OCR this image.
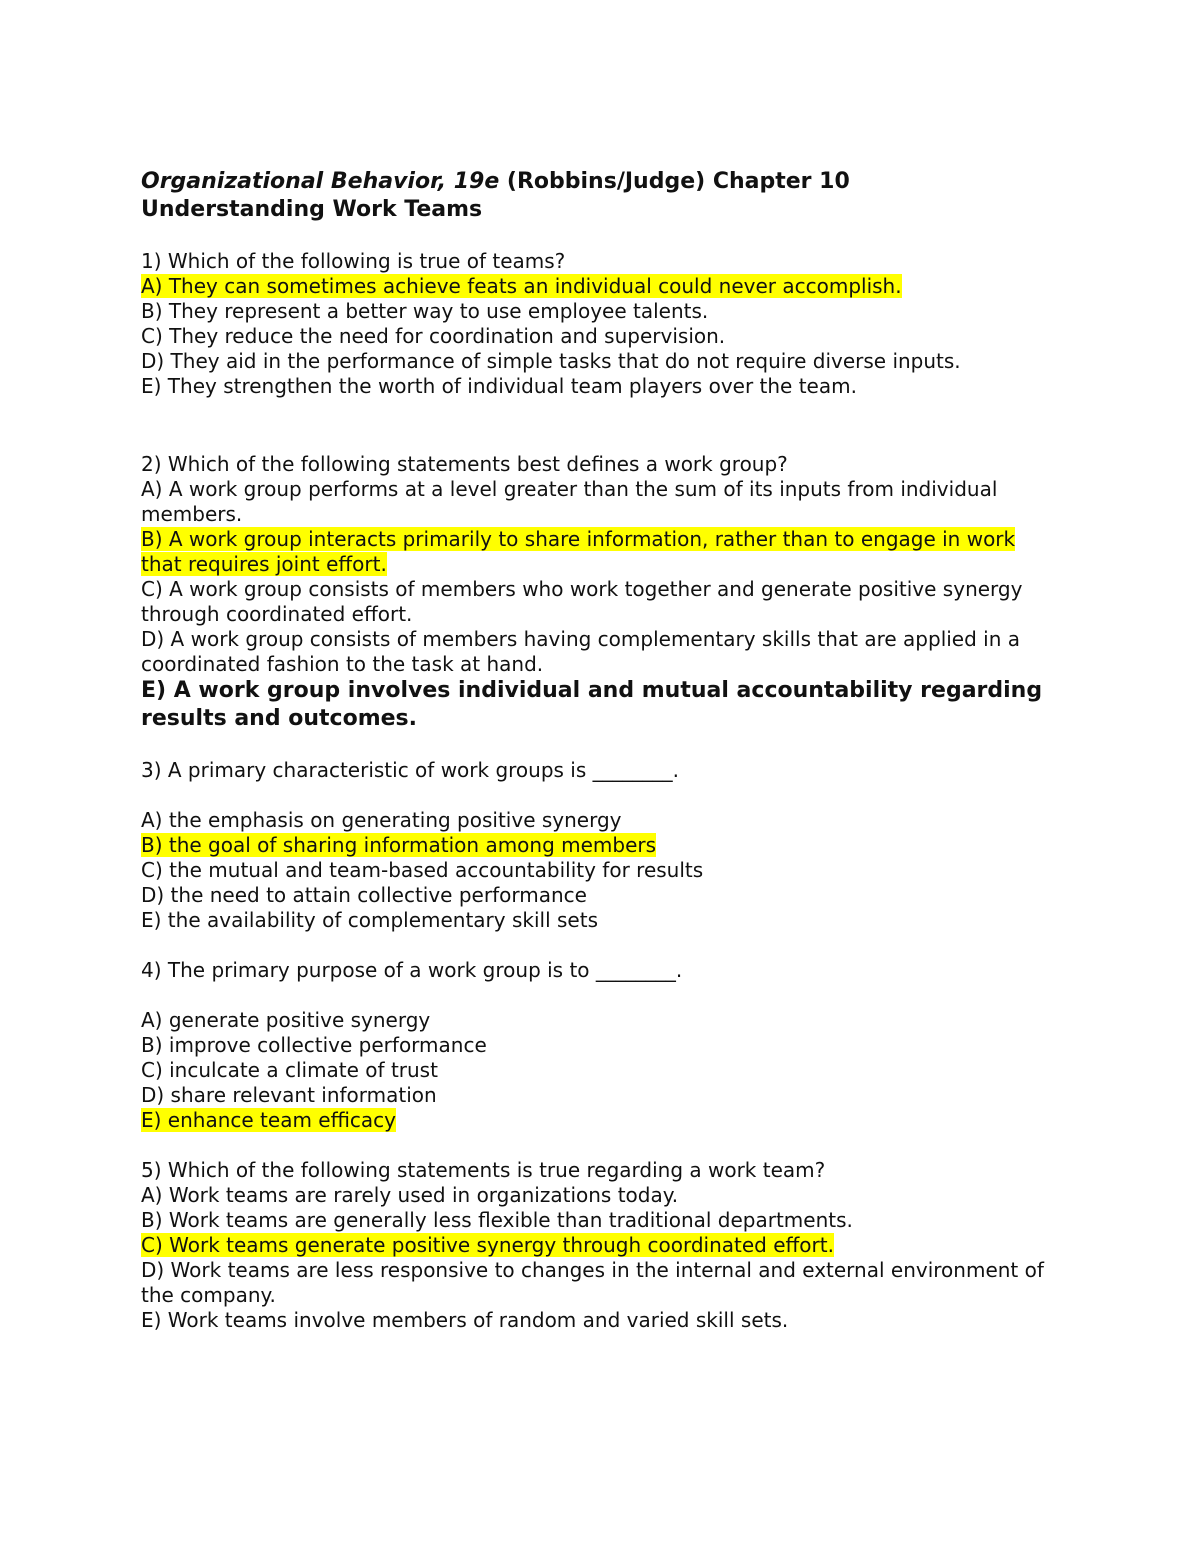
Organizational Behavior, 19e (Robbins/Judge) Chapter 10
Understanding Work Teams
1) Which of the following is true of teams?
A) They can sometimes achieve feats an individual could never accomplish.
B) They represent a better way to use employee talents.
C) They reduce the need for coordination and supervision.
D) They aid in the performance of simple tasks that do not require diverse inputs.
E) They strengthen the worth of individual team players over the team.
2) Which of the following statements best defines a work group?
A) A work group performs at a level greater than the sum of its inputs from individual members.
B) A work group interacts primarily to share information, rather than to engage in work that requires joint effort.
C) A work group consists of members who work together and generate positive synergy through coordinated effort.
D) A work group consists of members having complementary skills that are applied in a coordinated fashion to the task at hand.
E) A work group involves individual and mutual accountability regarding results and outcomes.
3) A primary characteristic of work groups is ________.
A) the emphasis on generating positive synergy
B) the goal of sharing information among members
C) the mutual and team-based accountability for results
D) the need to attain collective performance
E) the availability of complementary skill sets
4) The primary purpose of a work group is to ________.
A) generate positive synergy
B) improve collective performance
C) inculcate a climate of trust
D) share relevant information
E) enhance team efficacy
5) Which of the following statements is true regarding a work team?
A) Work teams are rarely used in organizations today.
B) Work teams are generally less flexible than traditional departments.
C) Work teams generate positive synergy through coordinated effort.
D) Work teams are less responsive to changes in the internal and external environment of the company.
E) Work teams involve members of random and varied skill sets.
